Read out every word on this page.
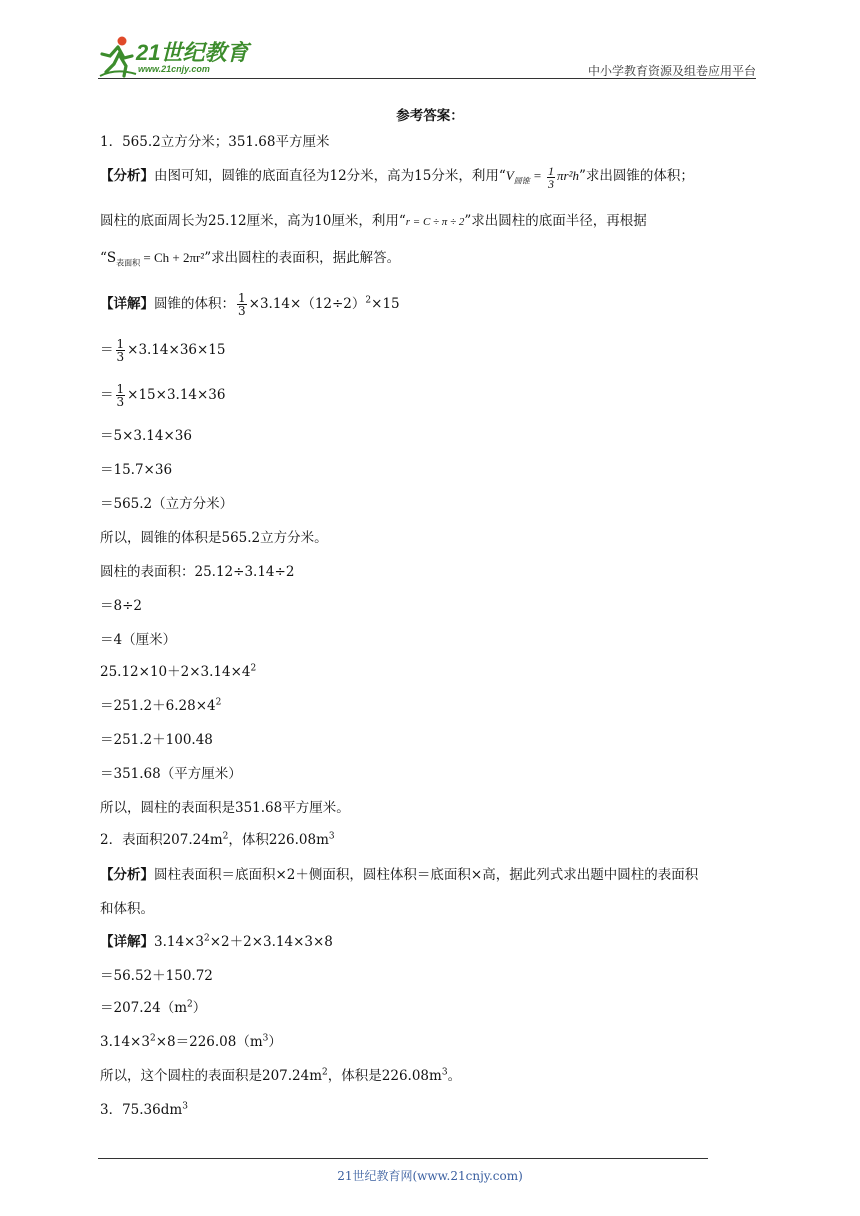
21世纪教育
www.21cnjy.com	中小学教育资源及组卷应用平台
参考答案：
1．565.2立方分米；351.68平方厘米
【分析】由图可知，圆锥的底面直径为12分米，高为15分米，利用“$V_{圆锥} = \frac{1}{3} \pi r^2h$”求出圆锥的体积；
圆柱的底面周长为25.12厘米，高为10厘米，利用“r = C ÷ π ÷ 2”求出圆柱的底面半径，再根据
“$S_{表面积} = Ch + 2\pi r^2$”求出圆柱的表面积，据此解答。
【详解】圆锥的体积： $\frac{1}{3} \times 3.14\times(12\div 2)^2\times 15$
＝ $\frac{1}{3} \times 3.14\times 36\times 15$
＝ $\frac{1}{3} \times 15\times 3.14\times 36$
＝5×3.14×36
＝15.7×36
＝565.2（立方分米）
所以，圆锥的体积是565.2立方分米。
圆柱的表面积：25.12÷3.14÷2
＝8÷2
＝4（厘米）
$25.12\times 10+2\times 3.14\times 4^2$
$=251.2+6.28\times 4^2$
＝251.2＋100.48
＝351.68（平方厘米）
所以，圆柱的表面积是351.68平方厘米。
2．表面积$207.24m^2$，体积$226.08m^3$
【分析】圆柱表面积＝底面积×2＋侧面积，圆柱体积＝底面积×高，据此列式求出题中圆柱的表面积
和体积。
【详解】$3.14\times 3^2\times 2+2\times 3.14\times 3\times 8$
＝56.52＋150.72
$=207.24(m^2)$
$3.14\times 3^2\times 8=226.08(m^3)$
所以，这个圆柱的表面积是$207.24m^2$，体积是$226.08m^3$。
3．$75.36dm^3$
21世纪教育网(www.21cnjy.com)
